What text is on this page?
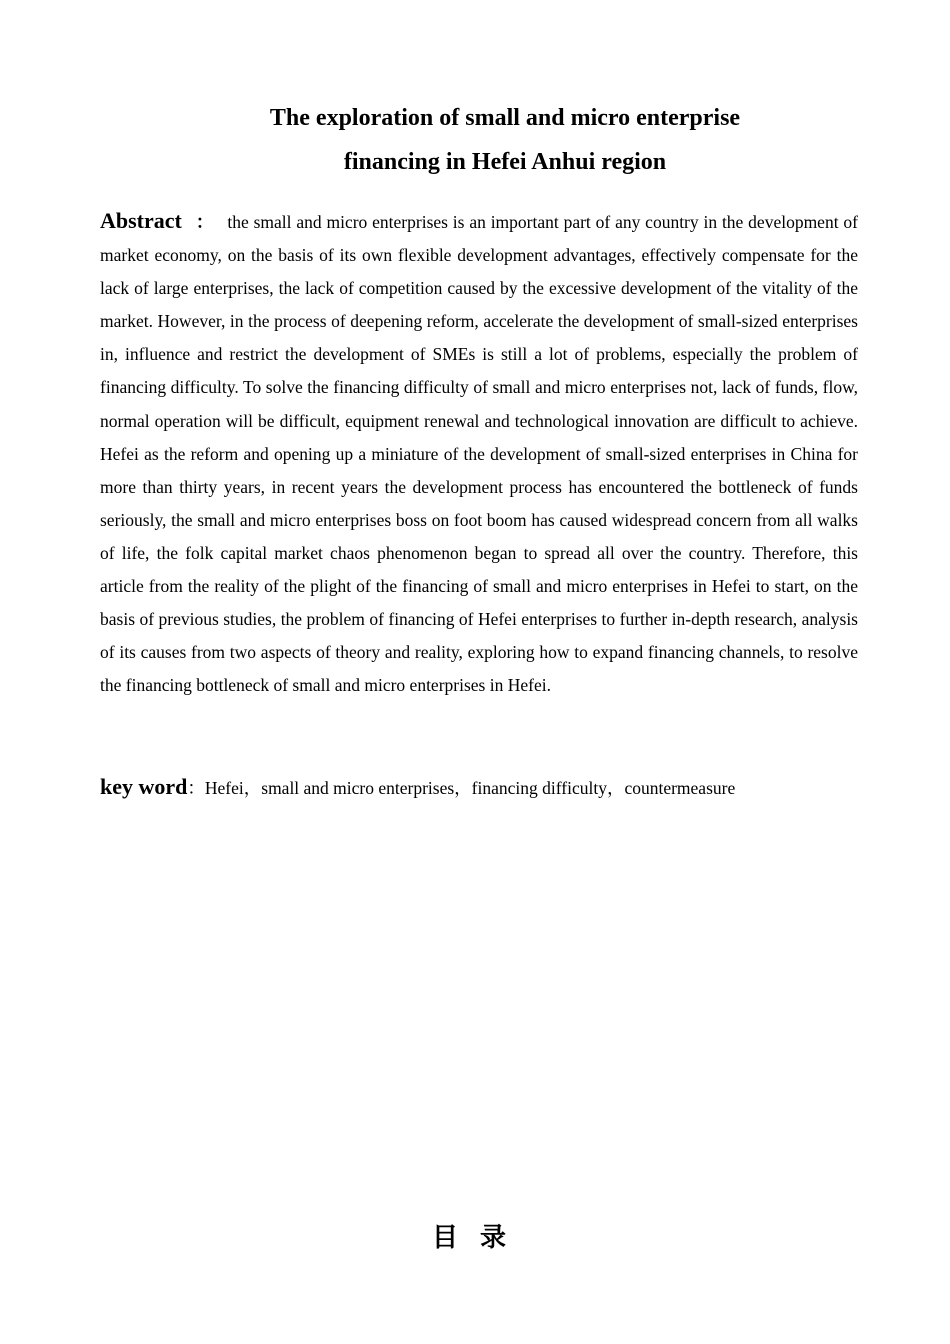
The exploration of small and micro enterprise
financing in Hefei Anhui region

Abstract ： the small and micro enterprises is an important part of any country in the development of market economy, on the basis of its own flexible development advantages, effectively compensate for the lack of large enterprises, the lack of competition caused by the excessive development of the vitality of the market. However, in the process of deepening reform, accelerate the development of small-sized enterprises in, influence and restrict the development of SMEs is still a lot of problems, especially the problem of financing difficulty. To solve the financing difficulty of small and micro enterprises not, lack of funds, flow, normal operation will be difficult, equipment renewal and technological innovation are difficult to achieve. Hefei as the reform and opening up a miniature of the development of small-sized enterprises in China for more than thirty years, in recent years the development process has encountered the bottleneck of funds seriously, the small and micro enterprises boss on foot boom has caused widespread concern from all walks of life, the folk capital market chaos phenomenon began to spread all over the country. Therefore, this article from the reality of the plight of the financing of small and micro enterprises in Hefei to start, on the basis of previous studies, the problem of financing of Hefei enterprises to further in-depth research, analysis of its causes from two aspects of theory and reality, exploring how to expand financing channels, to resolve the financing bottleneck of small and micro enterprises in Hefei.

key word：Hefei，small and micro enterprises，financing difficulty，countermeasure

目录
